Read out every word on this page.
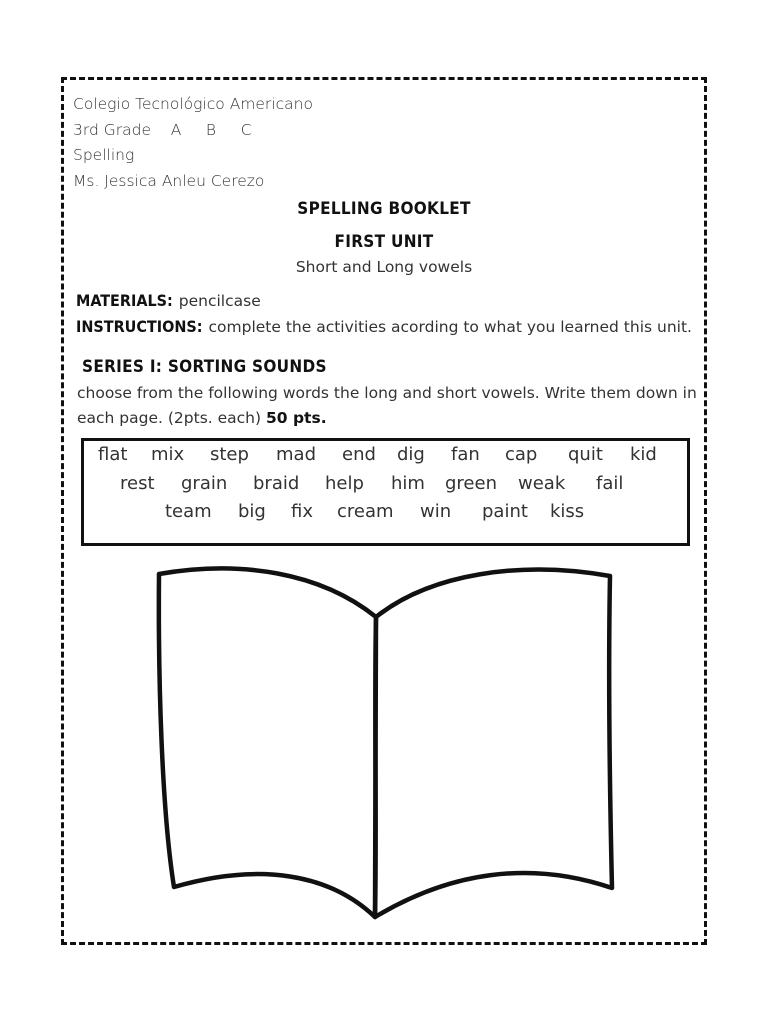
Colegio Tecnológico Americano
3rd Grade    A     B     C
Spelling
Ms. Jessica Anleu Cerezo
SPELLING BOOKLET
FIRST UNIT
Short and Long vowels
MATERIALS: pencilcase
INSTRUCTIONS: complete the activities acording to what you learned this unit.
SERIES I: SORTING SOUNDS
choose from the following words the long and short vowels. Write them down in each page. (2pts. each) 50 pts.
flat mix step mad end dig fan cap quit kid
rest grain braid help him green weak fail
team big fix cream win paint kiss
